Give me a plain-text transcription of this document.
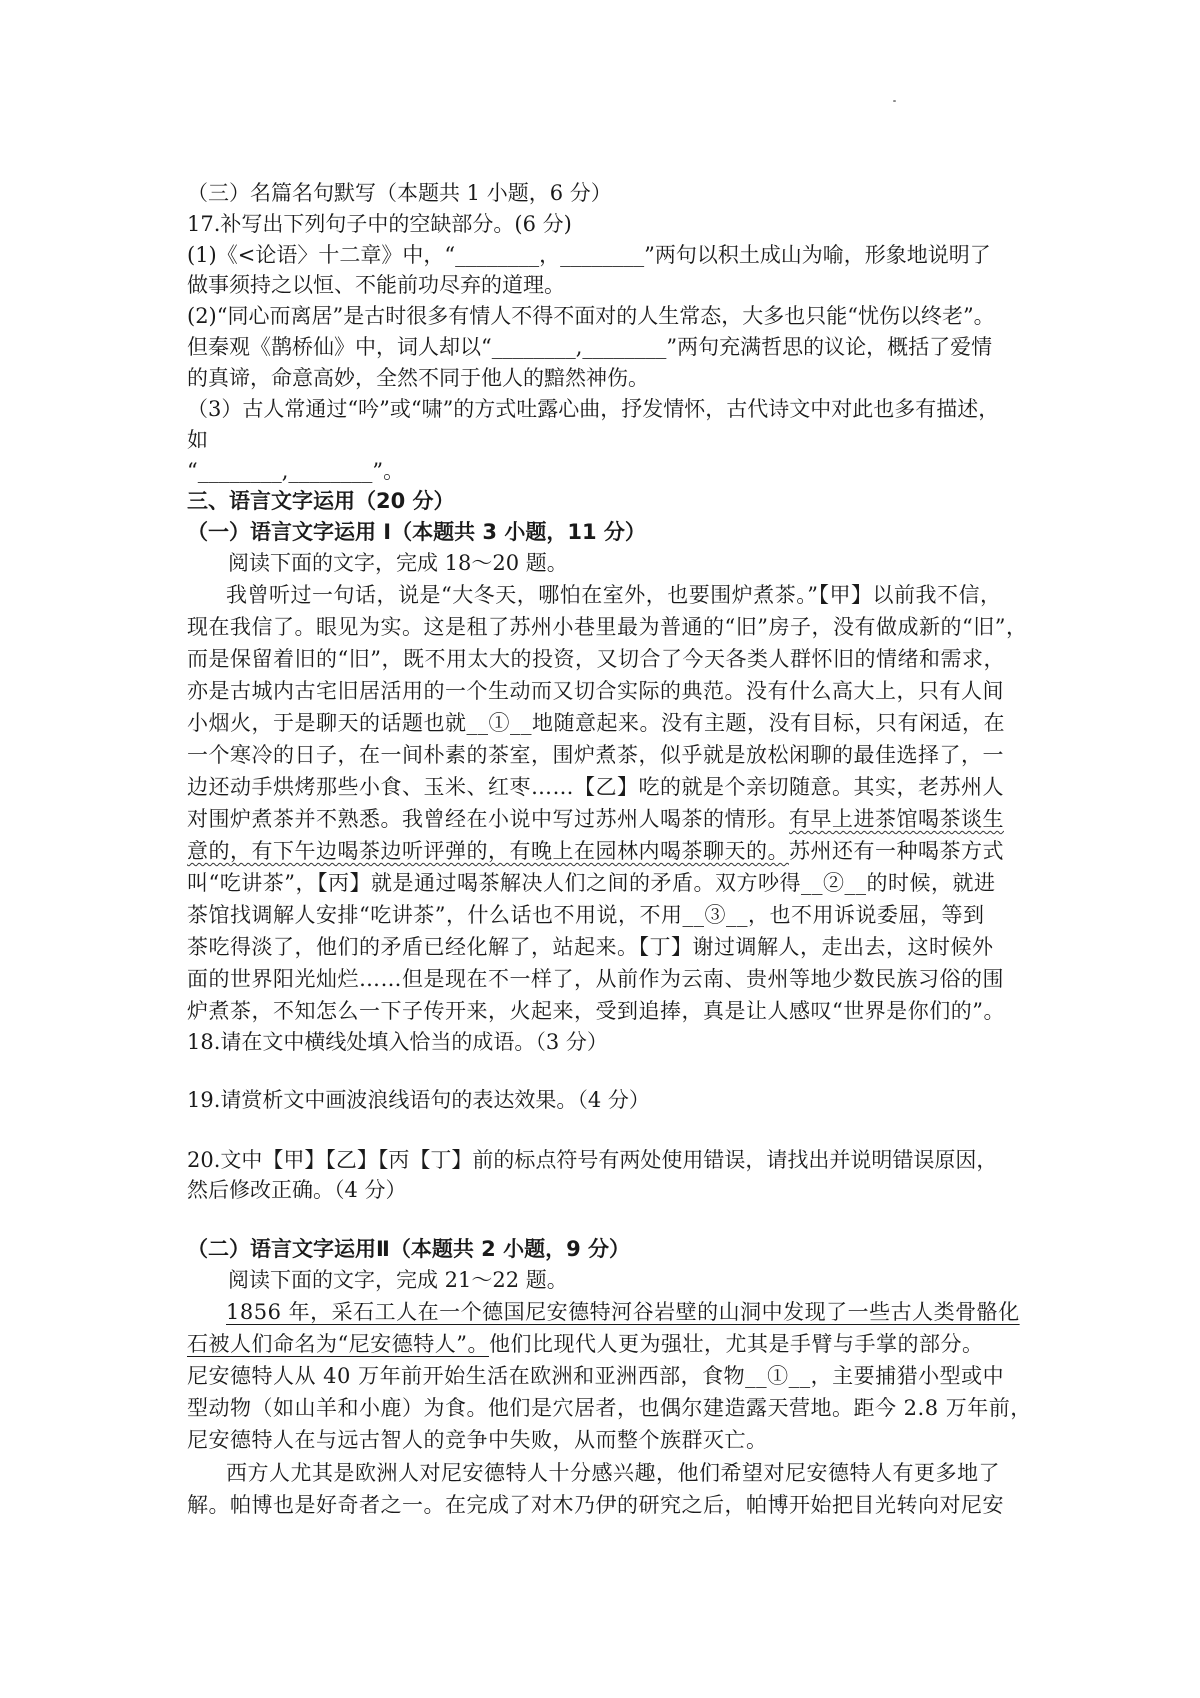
（三）名篇名句默写（本题共 1 小题，6 分）
17.补写出下列句子中的空缺部分。(6 分)
(1)《<论语〉十二章》中，“________，________”两句以积土成山为喻，形象地说明了
做事须持之以恒、不能前功尽弃的道理。
(2)“同心而离居”是古时很多有情人不得不面对的人生常态，大多也只能“忧伤以终老”。
但秦观《鹊桥仙》中，词人却以“________,________”两句充满哲思的议论，概括了爱情
的真谛，命意高妙，全然不同于他人的黯然神伤。
（3）古人常通过“吟”或“啸”的方式吐露心曲，抒发情怀，古代诗文中对此也多有描述，
如
“________,________”。
三、语言文字运用（20 分）
（一）语言文字运用 Ⅰ（本题共 3 小题，11 分）
阅读下面的文字，完成 18～20 题。
我曾听过一句话，说是“大冬天，哪怕在室外，也要围炉煮茶。”【甲】以前我不信，
现在我信了。眼见为实。这是租了苏州小巷里最为普通的“旧”房子，没有做成新的“旧”，
而是保留着旧的“旧”，既不用太大的投资，又切合了今天各类人群怀旧的情绪和需求，
亦是古城内古宅旧居活用的一个生动而又切合实际的典范。没有什么高大上，只有人间
小烟火，于是聊天的话题也就__①__地随意起来。没有主题，没有目标，只有闲适，在
一个寒冷的日子，在一间朴素的茶室，围炉煮茶，似乎就是放松闲聊的最佳选择了，一
边还动手烘烤那些小食、玉米、红枣……【乙】吃的就是个亲切随意。其实，老苏州人
对围炉煮茶并不熟悉。我曾经在小说中写过苏州人喝茶的情形。有早上进茶馆喝茶谈生
意的，有下午边喝茶边听评弹的，有晚上在园林内喝茶聊天的。苏州还有一种喝茶方式
叫“吃讲茶”，【丙】就是通过喝茶解决人们之间的矛盾。双方吵得__②__的时候，就进
茶馆找调解人安排“吃讲茶”，什么话也不用说，不用__③__，也不用诉说委屈，等到
茶吃得淡了，他们的矛盾已经化解了，站起来。【丁】谢过调解人，走出去，这时候外
面的世界阳光灿烂……但是现在不一样了，从前作为云南、贵州等地少数民族习俗的围
炉煮茶，不知怎么一下子传开来，火起来，受到追捧，真是让人感叹“世界是你们的”。
18.请在文中横线处填入恰当的成语。（3 分）
19.请赏析文中画波浪线语句的表达效果。（4 分）
20.文中【甲】【乙】【丙【丁】前的标点符号有两处使用错误，请找出并说明错误原因，
然后修改正确。（4 分）
（二）语言文字运用Ⅱ（本题共 2 小题，9 分）
阅读下面的文字，完成 21～22 题。
1856 年，采石工人在一个德国尼安德特河谷岩壁的山洞中发现了一些古人类骨骼化
石被人们命名为“尼安德特人”。他们比现代人更为强壮，尤其是手臂与手掌的部分。
尼安德特人从 40 万年前开始生活在欧洲和亚洲西部，食物__①__，主要捕猎小型或中
型动物（如山羊和小鹿）为食。他们是穴居者，也偶尔建造露天营地。距今 2.8 万年前，
尼安德特人在与远古智人的竞争中失败，从而整个族群灭亡。
西方人尤其是欧洲人对尼安德特人十分感兴趣，他们希望对尼安德特人有更多地了
解。帕博也是好奇者之一。在完成了对木乃伊的研究之后，帕博开始把目光转向对尼安
